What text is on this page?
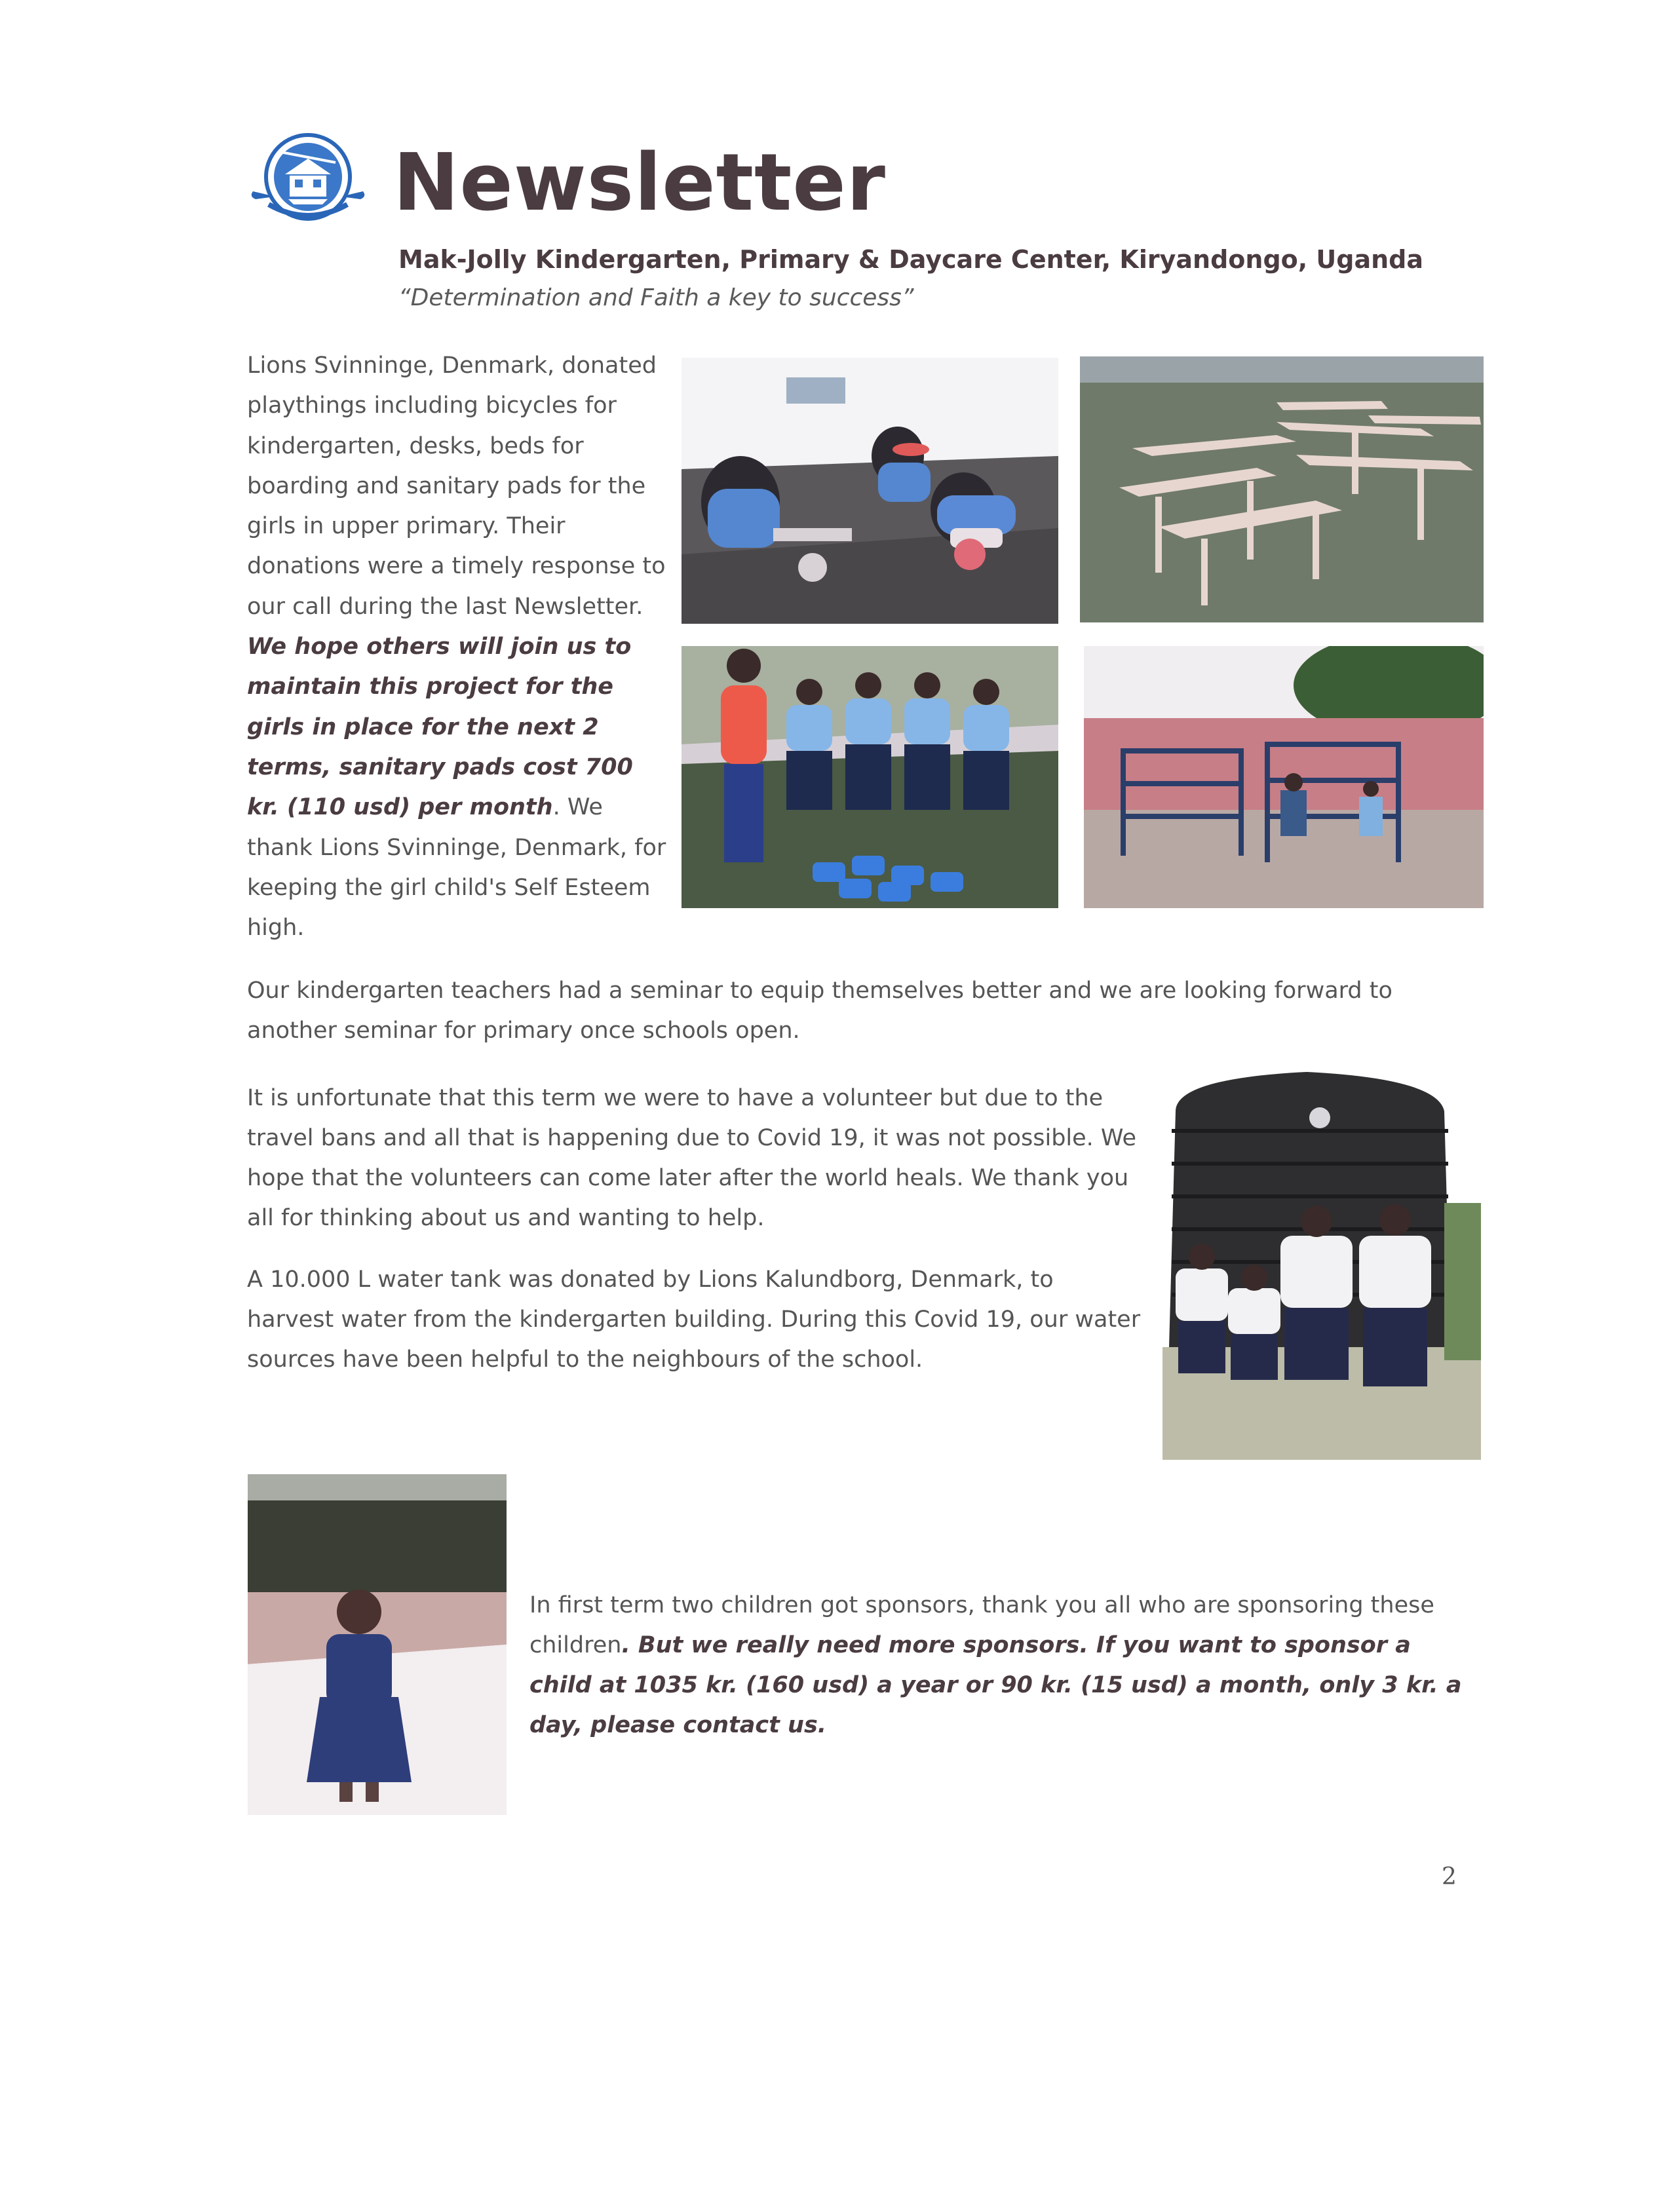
Newsletter

Mak-Jolly Kindergarten, Primary & Daycare Center, Kiryandongo, Uganda

“Determination and Faith a key to success”

Lions Svinninge, Denmark, donated playthings including bicycles for kindergarten, desks, beds for boarding and sanitary pads for the girls in upper primary. Their donations were a timely response to our call during the last Newsletter. We hope others will join us to maintain this project for the girls in place for the next 2 terms, sanitary pads cost 700 kr. (110 usd) per month. We thank Lions Svinninge, Denmark, for keeping the girl child's Self Esteem high.

Our kindergarten teachers had a seminar to equip themselves better and we are looking forward to another seminar for primary once schools open.

It is unfortunate that this term we were to have a volunteer but due to the travel bans and all that is happening due to Covid 19, it was not possible. We hope that the volunteers can come later after the world heals. We thank you all for thinking about us and wanting to help.

A 10.000 L water tank was donated by Lions Kalundborg, Denmark, to harvest water from the kindergarten building. During this Covid 19, our water sources have been helpful to the neighbours of the school.

In first term two children got sponsors, thank you all who are sponsoring these children. But we really need more sponsors. If you want to sponsor a child at 1035 kr. (160 usd) a year or 90 kr. (15 usd) a month, only 3 kr. a day, please contact us.

2
